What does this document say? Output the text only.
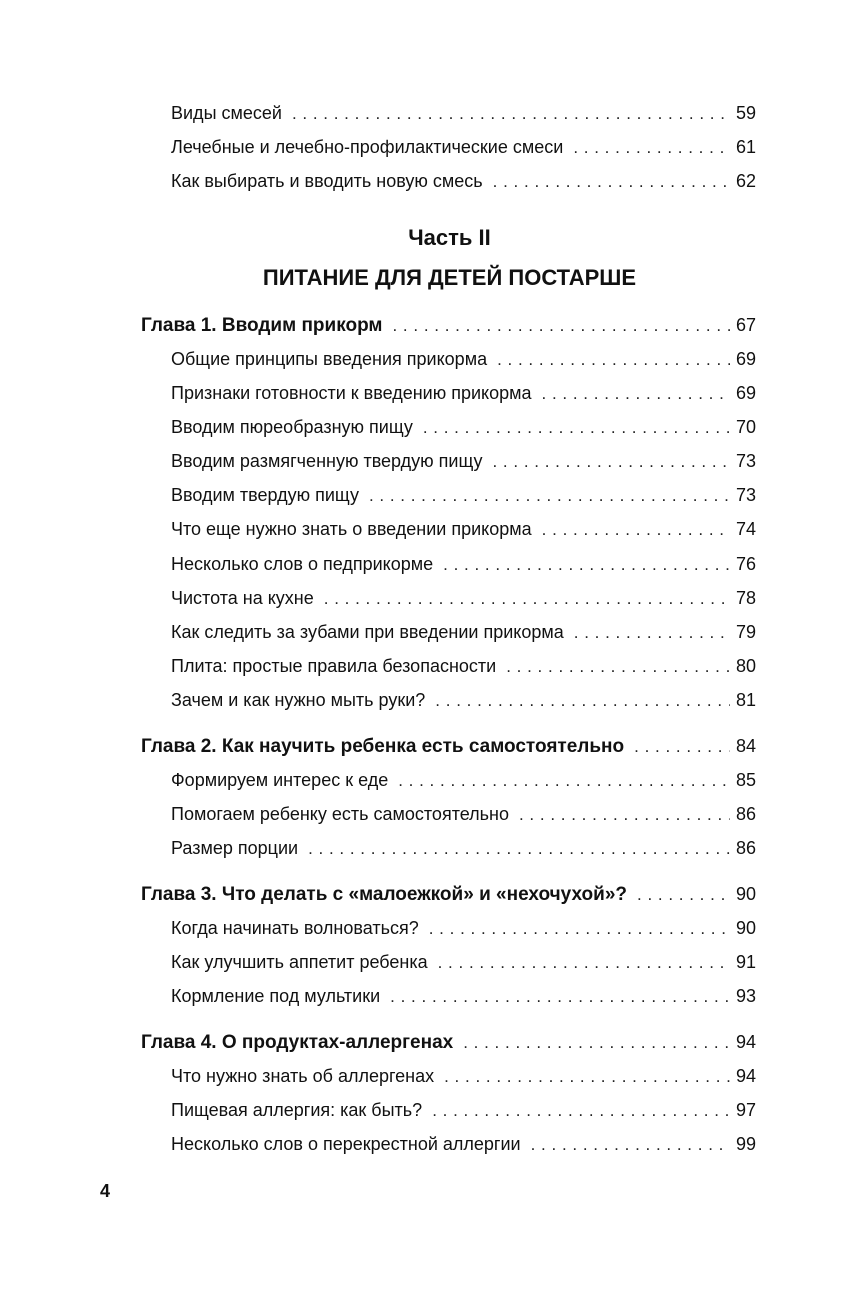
Виды смесей . . .	59
Лечебные и лечебно-профилактические смеси . . .	61
Как выбирать и вводить новую смесь . . .	62
Часть II
ПИТАНИЕ ДЛЯ ДЕТЕЙ ПОСТАРШЕ
Глава 1. Вводим прикорм . . .	67
Общие принципы введения прикорма . . .	69
Признаки готовности к введению прикорма . . .	69
Вводим пюреобразную пищу . . .	70
Вводим размягченную твердую пищу . . .	73
Вводим твердую пищу . . .	73
Что еще нужно знать о введении прикорма . . .	74
Несколько слов о педприкорме . . .	76
Чистота на кухне . . .	78
Как следить за зубами при введении прикорма . . .	79
Плита: простые правила безопасности . . .	80
Зачем и как нужно мыть руки? . . .	81
Глава 2. Как научить ребенка есть самостоятельно . . .	84
Формируем интерес к еде . . .	85
Помогаем ребенку есть самостоятельно . . .	86
Размер порции . . .	86
Глава 3. Что делать с «малоежкой» и «нехочухой»? . . .	90
Когда начинать волноваться? . . .	90
Как улучшить аппетит ребенка . . .	91
Кормление под мультики . . .	93
Глава 4. О продуктах-аллергенах . . .	94
Что нужно знать об аллергенах . . .	94
Пищевая аллергия: как быть? . . .	97
Несколько слов о перекрестной аллергии . . .	99
4
